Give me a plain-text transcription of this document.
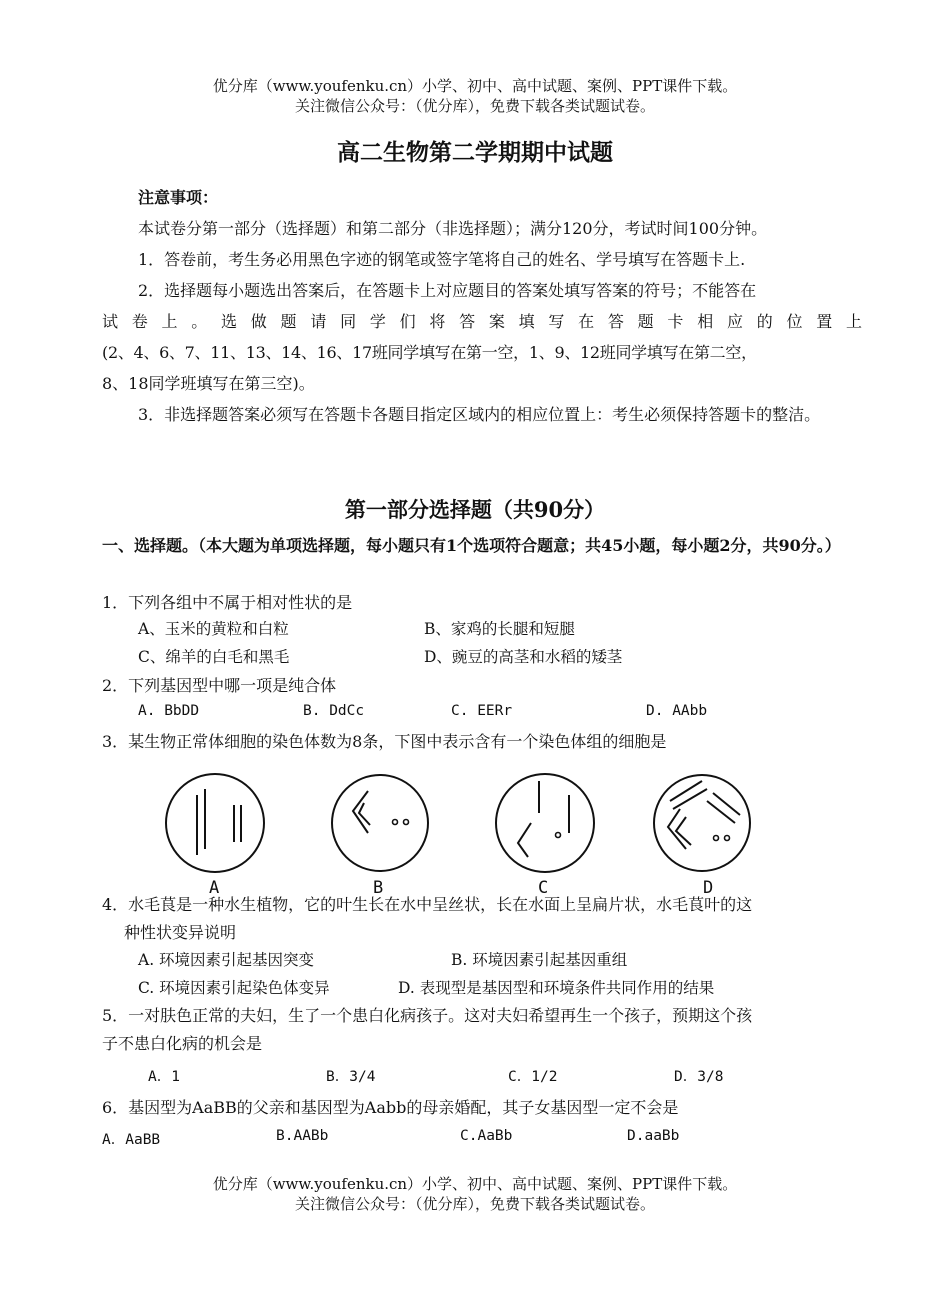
优分库（www.youfenku.cn）小学、初中、高中试题、案例、PPT课件下载。
关注微信公众号：（优分库），免费下载各类试题试卷。
高二生物第二学期期中试题

注意事项：

本试卷分第一部分（选择题）和第二部分（非选择题）；满分120分，考试时间100分钟。

1．答卷前，考生务必用黑色字迹的钢笔或签字笔将自己的姓名、学号填写在答题卡上.

2．选择题每小题选出答案后，在答题卡上对应题目的答案处填写答案的符号；不能答在

试卷上。选做题请同学们将答案填写在答题卡相应的位置上

(2、4、6、7、11、13、14、16、17班同学填写在第一空，1、9、12班同学填写在第二空，

8、18同学班填写在第三空)。

3．非选择题答案必须写在答题卡各题目指定区域内的相应位置上：考生必须保持答题卡的整洁。

第一部分选择题（共90分）
一、选择题。（本大题为单项选择题，每小题只有1个选项符合题意；共45小题，每小题2分，共90分。）
1．下列各组中不属于相对性状的是
A、玉米的黄粒和白粒	B、家鸡的长腿和短腿
C、绵羊的白毛和黑毛	D、豌豆的高茎和水稻的矮茎
2．下列基因型中哪一项是纯合体
A. BbDD	B. DdCc	C. EERr	D. AAbb
3．某生物正常体细胞的染色体数为8条，下图中表示含有一个染色体组的细胞是
A	B	C	D
4．水毛茛是一种水生植物，它的叶生长在水中呈丝状，长在水面上呈扁片状，水毛茛叶的这
种性状变异说明
A. 环境因素引起基因突变	B. 环境因素引起基因重组
C. 环境因素引起染色体变异	D. 表现型是基因型和环境条件共同作用的结果
5．一对肤色正常的夫妇，生了一个患白化病孩子。这对夫妇希望再生一个孩子，预期这个孩
子不患白化病的机会是
A．1	B．3/4	C．1/2	D．3/8
6．基因型为AaBB的父亲和基因型为Aabb的母亲婚配，其子女基因型一定不会是
A．AaBB	B.AABb	C.AaBb	D.aaBb
优分库（www.youfenku.cn）小学、初中、高中试题、案例、PPT课件下载。
关注微信公众号：（优分库），免费下载各类试题试卷。
